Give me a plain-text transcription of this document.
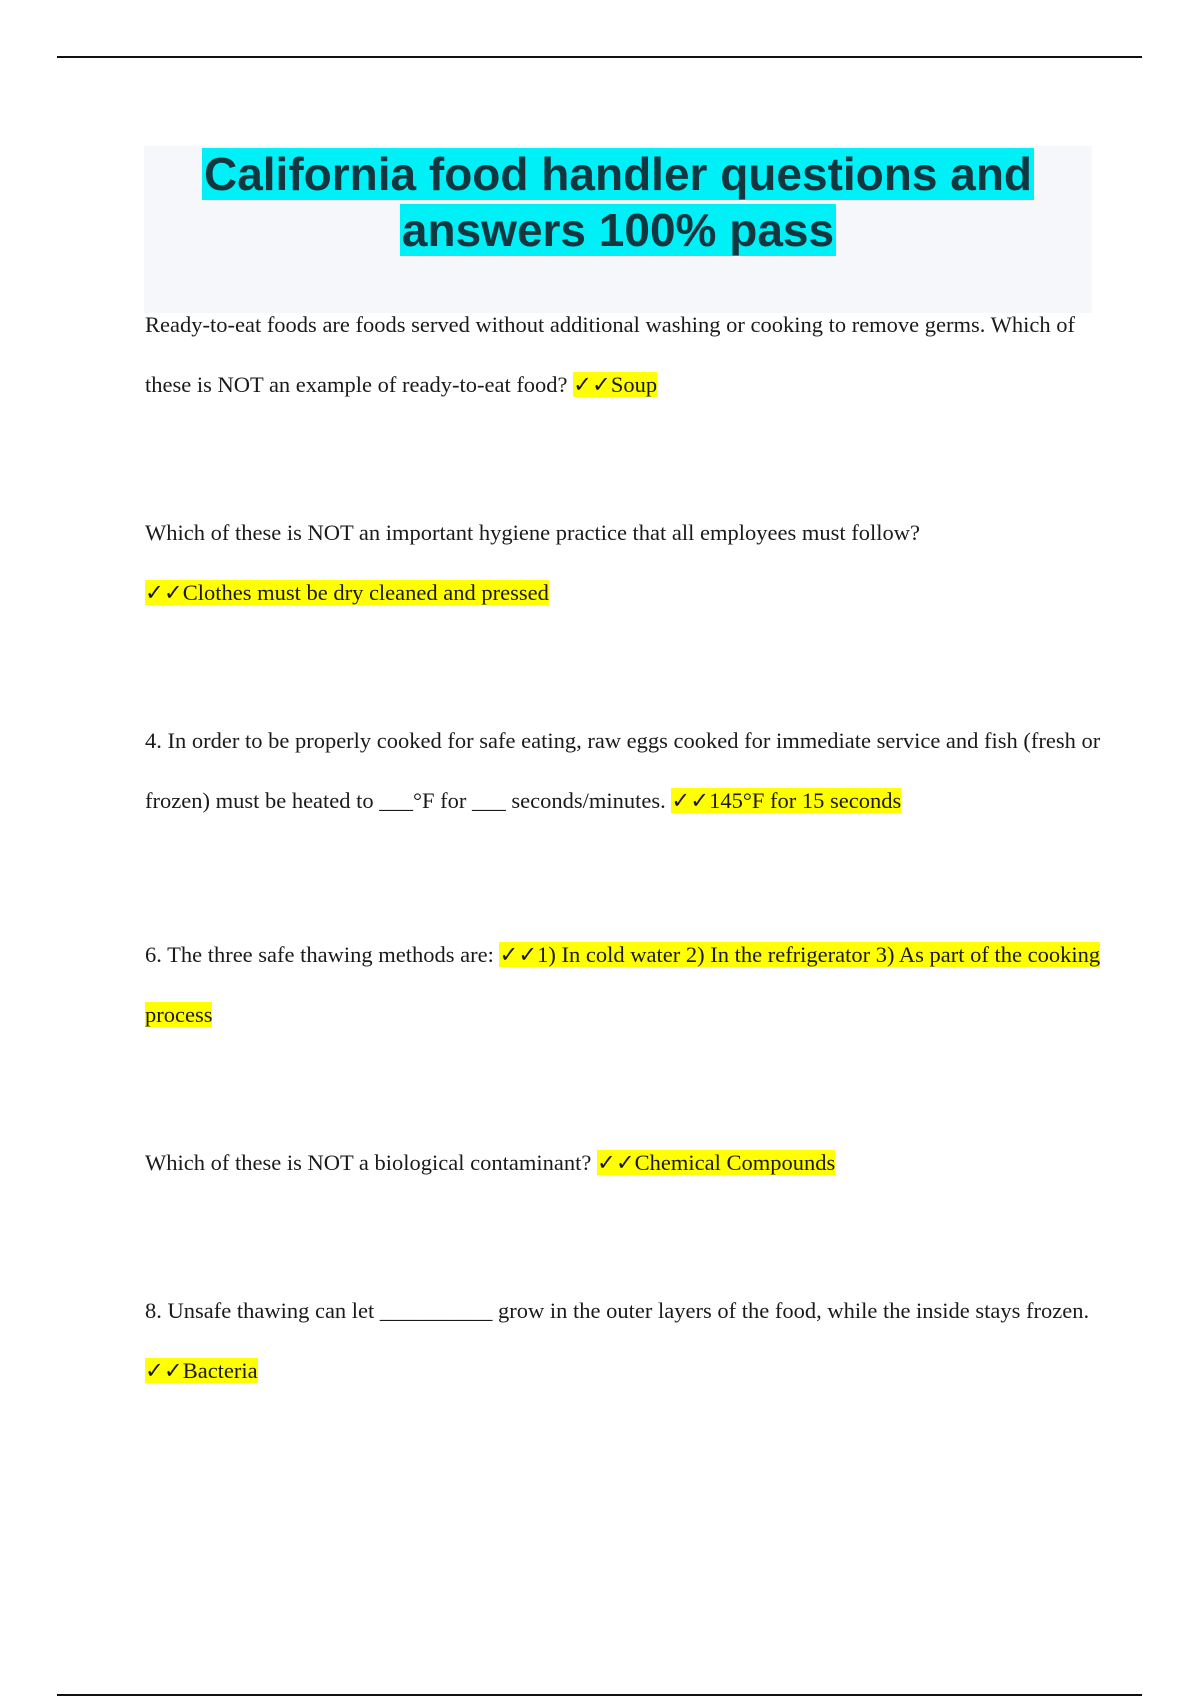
California food handler questions and answers 100% pass

Ready-to-eat foods are foods served without additional washing or cooking to remove germs. Which of these is NOT an example of ready-to-eat food? ✓✓Soup

Which of these is NOT an important hygiene practice that all employees must follow?
✓✓Clothes must be dry cleaned and pressed

4. In order to be properly cooked for safe eating, raw eggs cooked for immediate service and fish (fresh or frozen) must be heated to ___°F for ___ seconds/minutes. ✓✓145°F for 15 seconds

6. The three safe thawing methods are: ✓✓1) In cold water 2) In the refrigerator 3) As part of the cooking process

Which of these is NOT a biological contaminant? ✓✓Chemical Compounds

8. Unsafe thawing can let __________ grow in the outer layers of the food, while the inside stays frozen. ✓✓Bacteria
